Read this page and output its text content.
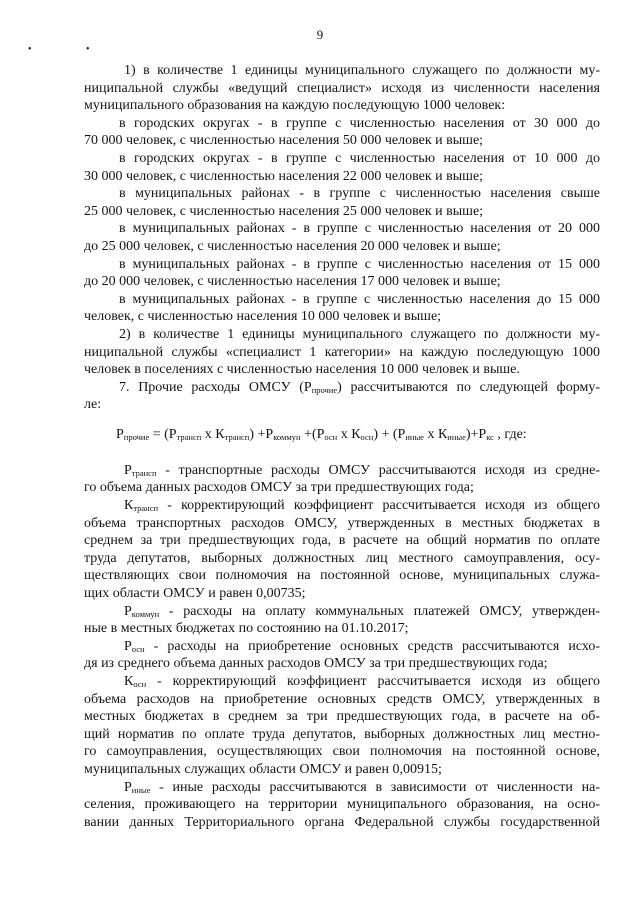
9
• •
1) в количестве 1 единицы муниципального служащего по должности му-
ниципальной службы «ведущий специалист» исходя из численности населения
муниципального образования на каждую последующую 1000 человек:
в городских округах - в группе с численностью населения от 30 000 до
70 000 человек, с численностью населения 50 000 человек и выше;
в городских округах - в группе с численностью населения от 10 000 до
30 000 человек, с численностью населения 22 000 человек и выше;
в муниципальных районах - в группе с численностью населения свыше
25 000 человек, с численностью населения 25 000 человек и выше;
в муниципальных районах - в группе с численностью населения от 20 000
до 25 000 человек, с численностью населения 20 000 человек и выше;
в муниципальных районах - в группе с численностью населения от 15 000
до 20 000 человек, с численностью населения 17 000 человек и выше;
в муниципальных районах - в группе с численностью населения до 15 000
человек, с численностью населения 10 000 человек и выше;
2) в количестве 1 единицы муниципального служащего по должности му-
ниципальной службы «специалист 1 категории» на каждую последующую 1000
человек в поселениях с численностью населения 10 000 человек и выше.
7. Прочие расходы ОМСУ $(Р_{прочие})$ рассчитываются по следующей форму-
ле:
$Р_{прочие} = (Р_{трансп}$ х $К_{трансп}) +Р_{коммун} +(Р_{осн}$ х $К_{осн}) + (Р_{иные}$ х $К_{иные})+Р_{кс}$ , где:
$Р_{трансп}$ - транспортные расходы ОМСУ рассчитываются исходя из средне-
го объема данных расходов ОМСУ за три предшествующих года;
$К_{трансп}$ - корректирующий коэффициент рассчитывается исходя из общего
объема транспортных расходов ОМСУ, утвержденных в местных бюджетах в
среднем за три предшествующих года, в расчете на общий норматив по оплате
труда депутатов, выборных должностных лиц местного самоуправления, осу-
ществляющих свои полномочия на постоянной основе, муниципальных служа-
щих области ОМСУ и равен 0,00735;
$Р_{коммун}$ - расходы на оплату коммунальных платежей ОМСУ, утвержден-
ные в местных бюджетах по состоянию на 01.10.2017;
$Р_{осн}$ - расходы на приобретение основных средств рассчитываются исхо-
дя из среднего объема данных расходов ОМСУ за три предшествующих года;
$К_{осн}$ - корректирующий коэффициент рассчитывается исходя из общего
объема расходов на приобретение основных средств ОМСУ, утвержденных в
местных бюджетах в среднем за три предшествующих года, в расчете на об-
щий норматив по оплате труда депутатов, выборных должностных лиц местно-
го самоуправления, осуществляющих свои полномочия на постоянной основе,
муниципальных служащих области ОМСУ и равен 0,00915;
$Р_{иные}$ - иные расходы рассчитываются в зависимости от численности на-
селения, проживающего на территории муниципального образования, на осно-
вании данных Территориального органа Федеральной службы государственной
